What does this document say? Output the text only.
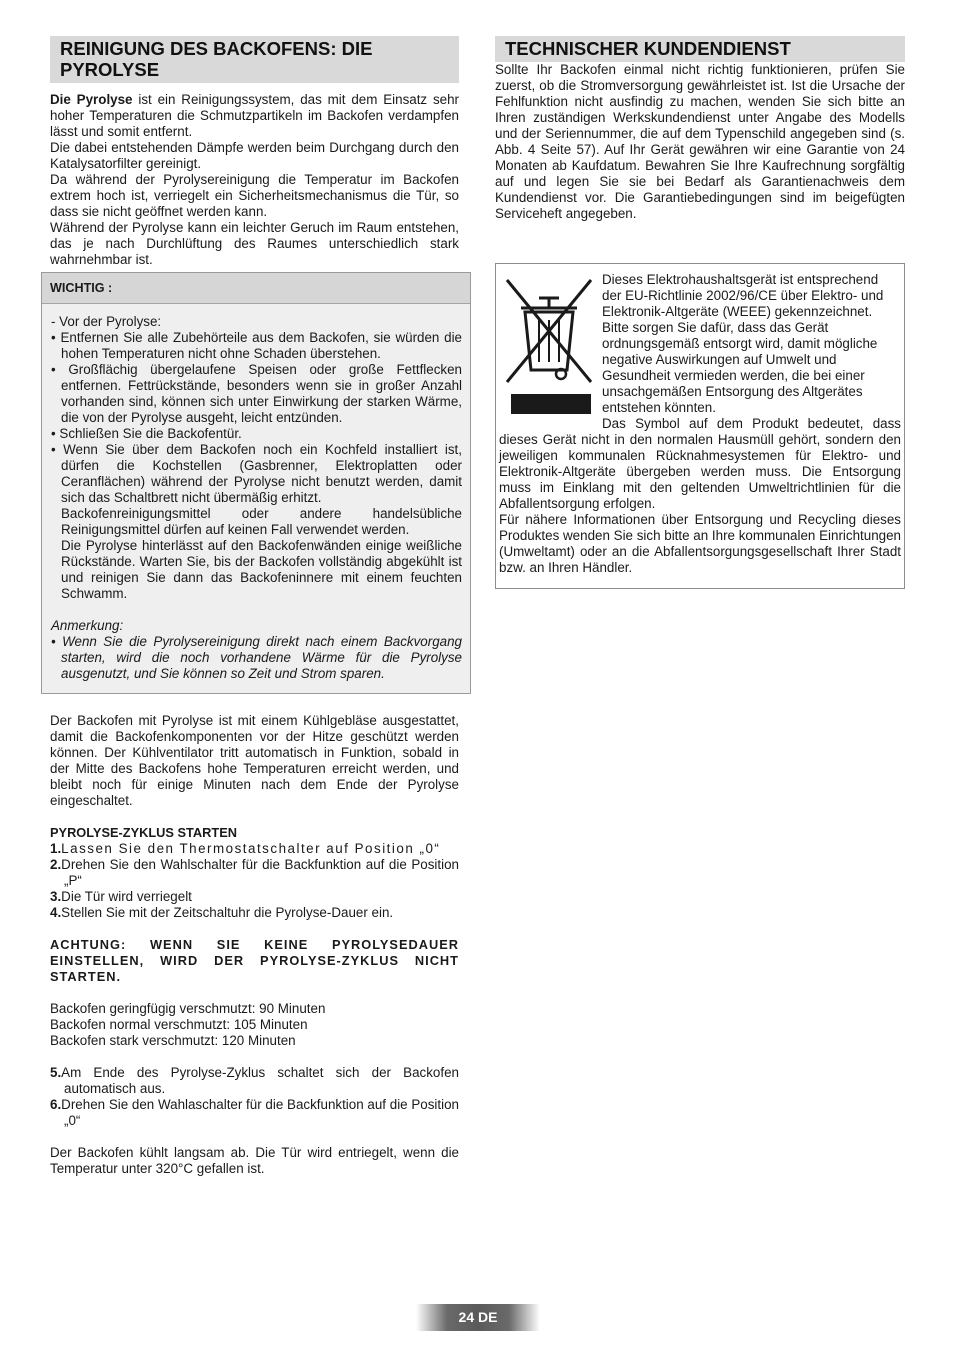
REINIGUNG DES BACKOFENS: DIE PYROLYSE

Die Pyrolyse ist ein Reinigungssystem, das mit dem Einsatz sehr hoher Temperaturen die Schmutzpartikeln im Backofen verdampfen lässt und somit entfernt.

Die dabei entstehenden Dämpfe werden beim Durchgang durch den Katalysatorfilter gereinigt.

Da während der Pyrolysereinigung die Temperatur im Backofen extrem hoch ist, verriegelt ein Sicherheitsmechanismus die Tür, so dass sie nicht geöffnet werden kann.

Während der Pyrolyse kann ein leichter Geruch im Raum entstehen, das je nach Durchlüftung des Raumes unterschiedlich stark wahrnehmbar ist.

WICHTIG :
- Vor der Pyrolyse:
• Entfernen Sie alle Zubehörteile aus dem Backofen, sie würden die hohen Temperaturen nicht ohne Schaden überstehen.
• Großflächig übergelaufene Speisen oder große Fettflecken entfernen. Fettrückstände, besonders wenn sie in großer Anzahl vorhanden sind, können sich unter Einwirkung der starken Wärme, die von der Pyrolyse ausgeht, leicht entzünden.
• Schließen Sie die Backofentür.
• Wenn Sie über dem Backofen noch ein Kochfeld installiert ist, dürfen die Kochstellen (Gasbrenner, Elektroplatten oder Ceranflächen) während der Pyrolyse nicht benutzt werden, damit sich das Schaltbrett nicht übermäßig erhitzt.
Backofenreinigungsmittel oder andere handelsübliche Reinigungsmittel dürfen auf keinen Fall verwendet werden.
Die Pyrolyse hinterlässt auf den Backofenwänden einige weißliche Rückstände. Warten Sie, bis der Backofen vollständig abgekühlt ist und reinigen Sie dann das Backofeninnere mit einem feuchten Schwamm.
Anmerkung:
• Wenn Sie die Pyrolysereinigung direkt nach einem Backvorgang starten, wird die noch vorhandene Wärme für die Pyrolyse ausgenutzt, und Sie können so Zeit und Strom sparen.

Der Backofen mit Pyrolyse ist mit einem Kühlgebläse ausgestattet, damit die Backofenkomponenten vor der Hitze geschützt werden können. Der Kühlventilator tritt automatisch in Funktion, sobald in der Mitte des Backofens hohe Temperaturen erreicht werden, und bleibt noch für einige Minuten nach dem Ende der Pyrolyse eingeschaltet.

PYROLYSE-ZYKLUS STARTEN
1.Lassen Sie den Thermostatschalter auf Position „0“
2.Drehen Sie den Wahlschalter für die Backfunktion auf die Position „P“
3.Die Tür wird verriegelt
4.Stellen Sie mit der Zeitschaltuhr die Pyrolyse-Dauer ein.

ACHTUNG: WENN SIE KEINE PYROLYSEDAUER EINSTELLEN, WIRD DER PYROLYSE-ZYKLUS NICHT STARTEN.

Backofen geringfügig verschmutzt: 90 Minuten
Backofen normal verschmutzt: 105 Minuten
Backofen stark verschmutzt: 120 Minuten
5.Am Ende des Pyrolyse-Zyklus schaltet sich der Backofen automatisch aus.
6.Drehen Sie den Wahlaschalter für die Backfunktion auf die Position „0“

Der Backofen kühlt langsam ab. Die Tür wird entriegelt, wenn die Temperatur unter 320°C gefallen ist.

TECHNISCHER KUNDENDIENST

Sollte Ihr Backofen einmal nicht richtig funktionieren, prüfen Sie zuerst, ob die Stromversorgung gewährleistet ist. Ist die Ursache der Fehlfunktion nicht ausfindig zu machen, wenden Sie sich bitte an Ihren zuständigen Werkskundendienst unter Angabe des Modells und der Seriennummer, die auf dem Typenschild angegeben sind (s. Abb. 4 Seite 57). Auf Ihr Gerät gewähren wir eine Garantie von 24 Monaten ab Kaufdatum. Bewahren Sie Ihre Kaufrechnung sorgfältig auf und legen Sie sie bei Bedarf als Garantienachweis dem Kundendienst vor. Die Garantiebedingungen sind im beigefügten Serviceheft angegeben.

Dieses Elektrohaushaltsgerät ist entsprechend der EU-Richtlinie 2002/96/CE über Elektro- und Elektronik-Altgeräte (WEEE) gekennzeichnet. Bitte sorgen Sie dafür, dass das Gerät ordnungsgemäß entsorgt wird, damit mögliche negative Auswirkungen auf Umwelt und Gesundheit vermieden werden, die bei einer unsachgemäßen Entsorgung des Altgerätes entstehen könnten.

Das Symbol auf dem Produkt bedeutet, dass dieses Gerät nicht in den normalen Hausmüll gehört, sondern den jeweiligen kommunalen Rücknahmesystemen für Elektro- und Elektronik-Altgeräte übergeben werden muss. Die Entsorgung muss im Einklang mit den geltenden Umweltrichtlinien für die Abfallentsorgung erfolgen.

Für nähere Informationen über Entsorgung und Recycling dieses Produktes wenden Sie sich bitte an Ihre kommunalen Einrichtungen (Umweltamt) oder an die Abfallentsorgungsgesellschaft Ihrer Stadt bzw. an Ihren Händler.

24 DE
